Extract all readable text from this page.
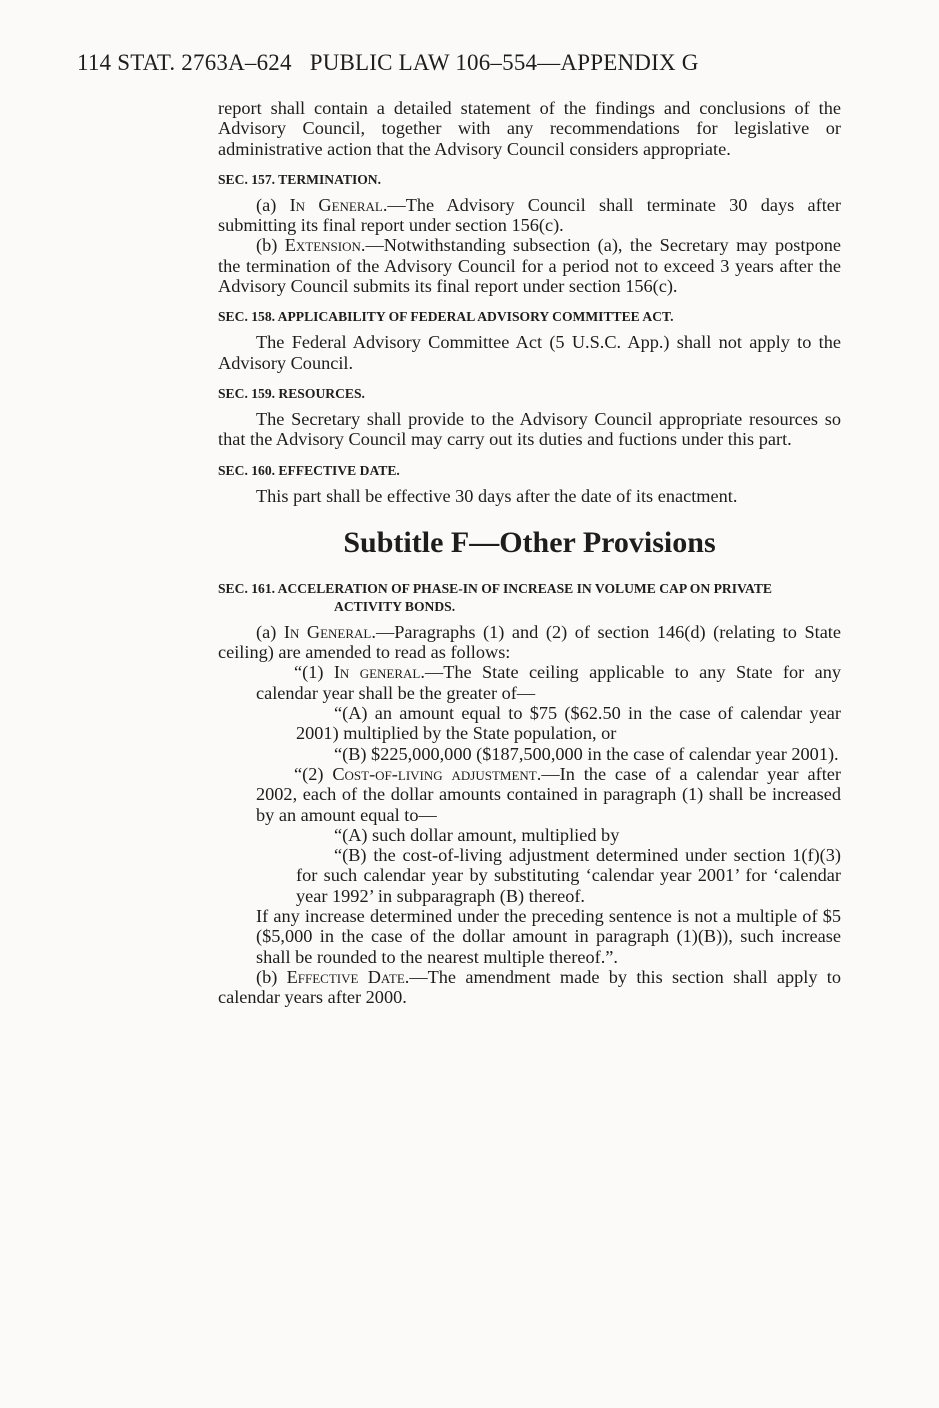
114 STAT. 2763A–624 PUBLIC LAW 106–554—APPENDIX G

report shall contain a detailed statement of the findings and conclusions of the Advisory Council, together with any recommendations for legislative or administrative action that the Advisory Council considers appropriate.

SEC. 157. TERMINATION.

(a) In General.—The Advisory Council shall terminate 30 days after submitting its final report under section 156(c).

(b) Extension.—Notwithstanding subsection (a), the Secretary may postpone the termination of the Advisory Council for a period not to exceed 3 years after the Advisory Council submits its final report under section 156(c).

SEC. 158. APPLICABILITY OF FEDERAL ADVISORY COMMITTEE ACT.

The Federal Advisory Committee Act (5 U.S.C. App.) shall not apply to the Advisory Council.

SEC. 159. RESOURCES.

The Secretary shall provide to the Advisory Council appropriate resources so that the Advisory Council may carry out its duties and fuctions under this part.

SEC. 160. EFFECTIVE DATE.

This part shall be effective 30 days after the date of its enactment.

Subtitle F—Other Provisions
SEC. 161. ACCELERATION OF PHASE-IN OF INCREASE IN VOLUME CAP ON PRIVATE ACTIVITY BONDS.

(a) In General.—Paragraphs (1) and (2) of section 146(d) (relating to State ceiling) are amended to read as follows:

“(1) In general.—The State ceiling applicable to any State for any calendar year shall be the greater of—

“(A) an amount equal to $75 ($62.50 in the case of calendar year 2001) multiplied by the State population, or

“(B) $225,000,000 ($187,500,000 in the case of calendar year 2001).

“(2) Cost-of-living adjustment.—In the case of a calendar year after 2002, each of the dollar amounts contained in paragraph (1) shall be increased by an amount equal to—

“(A) such dollar amount, multiplied by

“(B) the cost-of-living adjustment determined under section 1(f)(3) for such calendar year by substituting ‘calendar year 2001’ for ‘calendar year 1992’ in subparagraph (B) thereof.

If any increase determined under the preceding sentence is not a multiple of $5 ($5,000 in the case of the dollar amount in paragraph (1)(B)), such increase shall be rounded to the nearest multiple thereof.”.

(b) Effective Date.—The amendment made by this section shall apply to calendar years after 2000.
